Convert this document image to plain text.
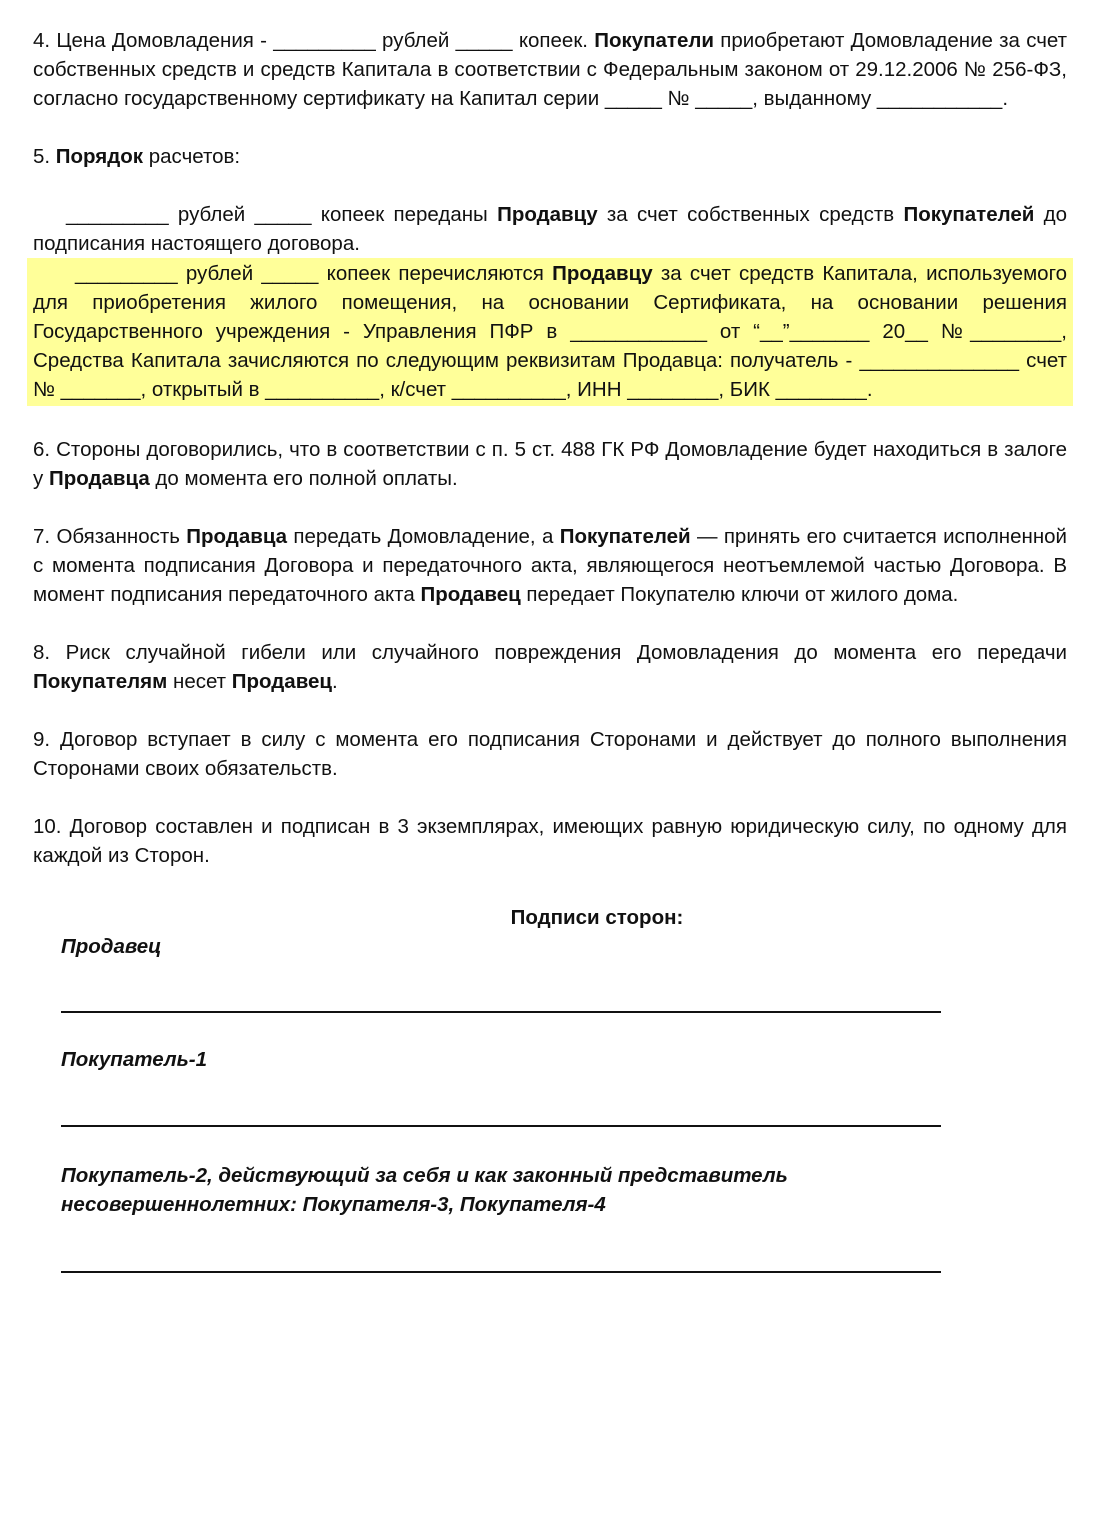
4. Цена Домовладения - _________ рублей _____ копеек. Покупатели приобретают Домовладение за счет собственных средств и средств Капитала в соответствии с Федеральным законом от 29.12.2006 № 256-ФЗ, согласно государственному сертификату на Капитал серии _____ № _____, выданному ___________.

5. Порядок расчетов:

_________ рублей _____ копеек переданы Продавцу за счет собственных средств Покупателей до подписания настоящего договора.

_________ рублей _____ копеек перечисляются Продавцу за счет средств Капитала, используемого для приобретения жилого помещения, на основании Сертификата, на основании решения Государственного учреждения - Управления ПФР в ____________ от “__”_______ 20__ №________, Средства Капитала зачисляются по следующим реквизитам Продавца: получатель - ______________ счет № _______, открытый в __________, к/счет __________, ИНН ________, БИК ________.

6. Стороны договорились, что в соответствии с п. 5 ст. 488 ГК РФ Домовладение будет находиться в залоге у Продавца до момента его полной оплаты.

7. Обязанность Продавца передать Домовладение, а Покупателей — принять его считается исполненной с момента подписания Договора и передаточного акта, являющегося неотъемлемой частью Договора. В момент подписания передаточного акта Продавец передает Покупателю ключи от жилого дома.

8. Риск случайной гибели или случайного повреждения Домовладения до момента его передачи Покупателям несет Продавец.

9. Договор вступает в силу с момента его подписания Сторонами и действует до полного выполнения Сторонами своих обязательств.

10. Договор составлен и подписан в 3 экземплярах, имеющих равную юридическую силу, по одному для каждой из Сторон.

Подписи сторон:

Продавец

Покупатель-1

Покупатель-2, действующий за себя и как законный представитель

несовершеннолетних: Покупателя-3, Покупателя-4
